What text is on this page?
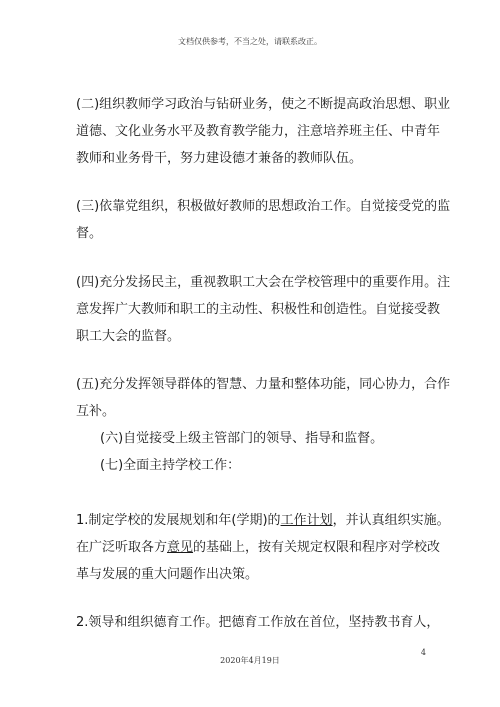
文档仅供参考，不当之处，请联系改正。
(二)组织教师学习政治与钻研业务，使之不断提高政治思想、职业
道德、文化业务水平及教育教学能力，注意培养班主任、中青年
教师和业务骨干，努力建设德才兼备的教师队伍。
(三)依靠党组织，积极做好教师的思想政治工作。自觉接受党的监
督。
(四)充分发扬民主，重视教职工大会在学校管理中的重要作用。注
意发挥广大教师和职工的主动性、积极性和创造性。自觉接受教
职工大会的监督。
(五)充分发挥领导群体的智慧、力量和整体功能，同心协力，合作
互补。
(六)自觉接受上级主管部门的领导、指导和监督。
(七)全面主持学校工作：
1.制定学校的发展规划和年(学期)的工作计划，并认真组织实施。
在广泛听取各方意见的基础上，按有关规定权限和程序对学校改
革与发展的重大问题作出决策。
2.领导和组织德育工作。把德育工作放在首位，坚持教书育人，
4
2020年4月19日
